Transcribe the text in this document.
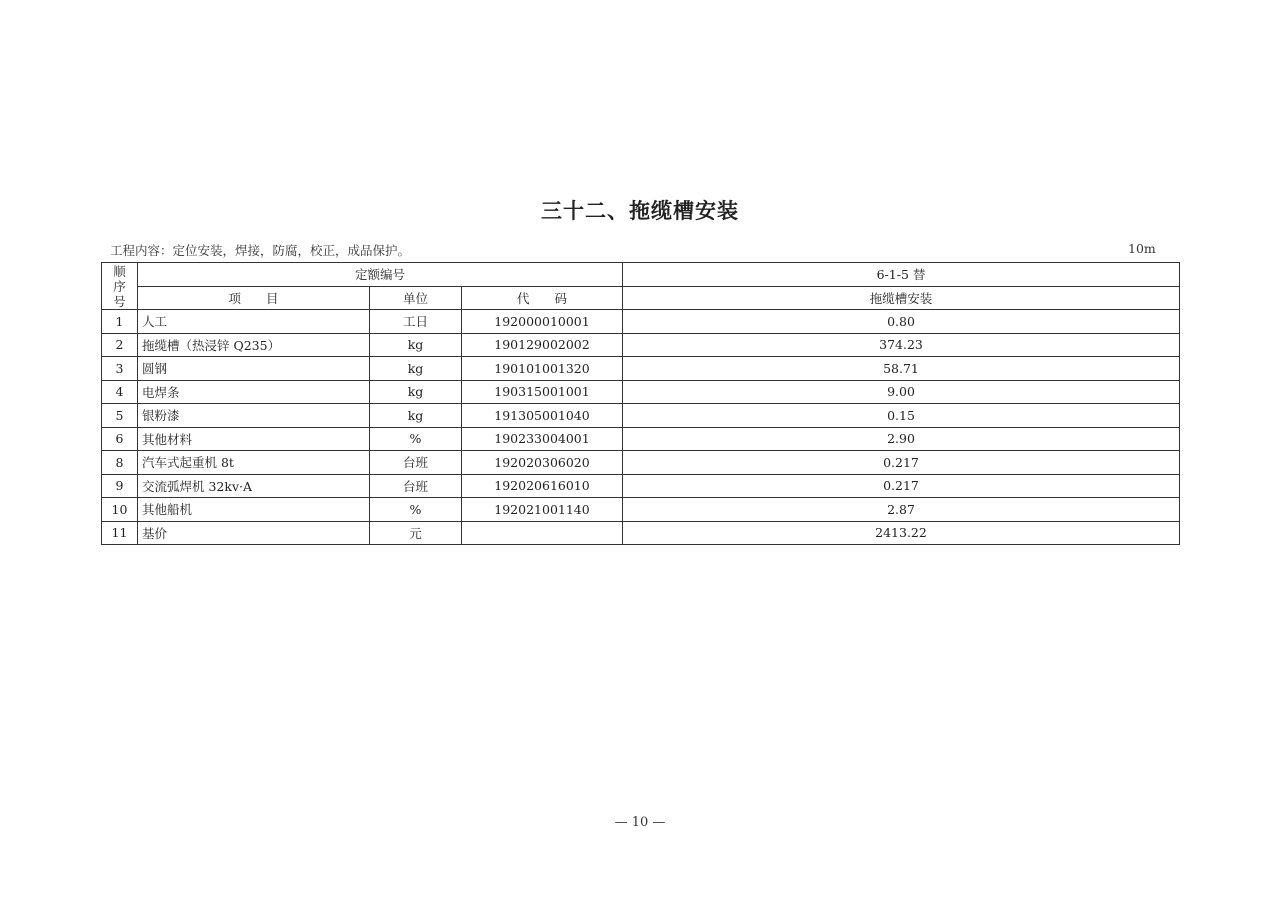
三十二、拖缆槽安装
工程内容：定位安装，焊接，防腐，校正，成品保护。	10m
顺
序
号	定额编号			6-1-5 替
	项　　目	单位	代　　码	拖缆槽安装
1	人工	工日	192000010001	0.80
2	拖缆槽（热浸锌 Q235）	kg	190129002002	374.23
3	圆钢	kg	190101001320	58.71
4	电焊条	kg	190315001001	9.00
5	银粉漆	kg	191305001040	0.15
6	其他材料	%	190233004001	2.90
8	汽车式起重机 8t	台班	192020306020	0.217
9	交流弧焊机 32kv·A	台班	192020616010	0.217
10	其他船机	%	192021001140	2.87
11	基价	元		2413.22
— 10 —
